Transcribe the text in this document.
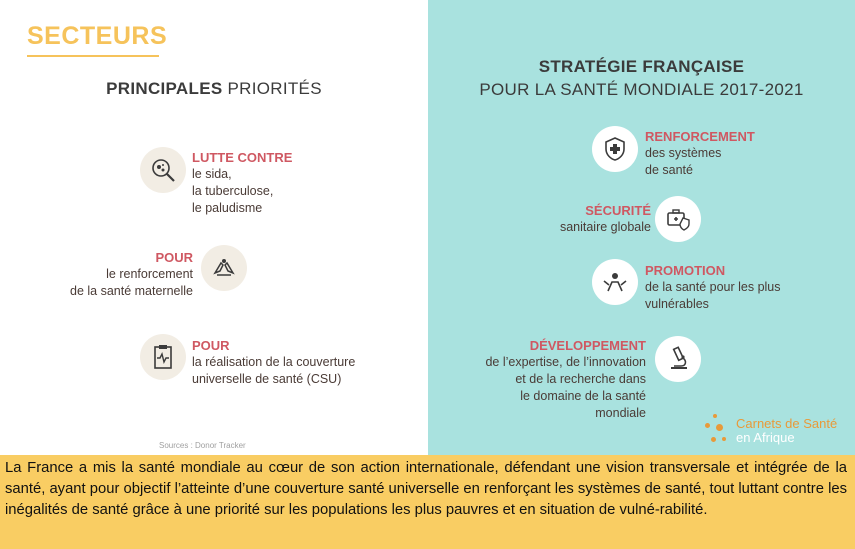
SECTEURS
PRINCIPALES PRIORITÉS
STRATÉGIE FRANÇAISE
POUR LA SANTÉ MONDIALE 2017-2021
LUTTE CONTRE
le sida,
la tuberculose,
le paludisme
POUR
le renforcement
de la santé maternelle
POUR
la réalisation de la couverture
universelle de santé (CSU)
Sources : Donor Tracker
RENFORCEMENT
des systèmes
de santé
SÉCURITÉ
sanitaire globale
PROMOTION
de la santé pour les plus
vulnérables
DÉVELOPPEMENT
de l’expertise, de l’innovation
et de la recherche dans
le domaine de la santé
mondiale
Carnets de Santé
en Afrique
La France a mis la santé mondiale au cœur de son action internationale, défendant une vision transversale et intégrée de la santé, ayant pour objectif l’atteinte d’une couverture santé universelle en renforçant les systèmes de santé, tout luttant contre les inégalités de santé grâce à une priorité sur les populations les plus pauvres et en situation de vulné-rabilité.
